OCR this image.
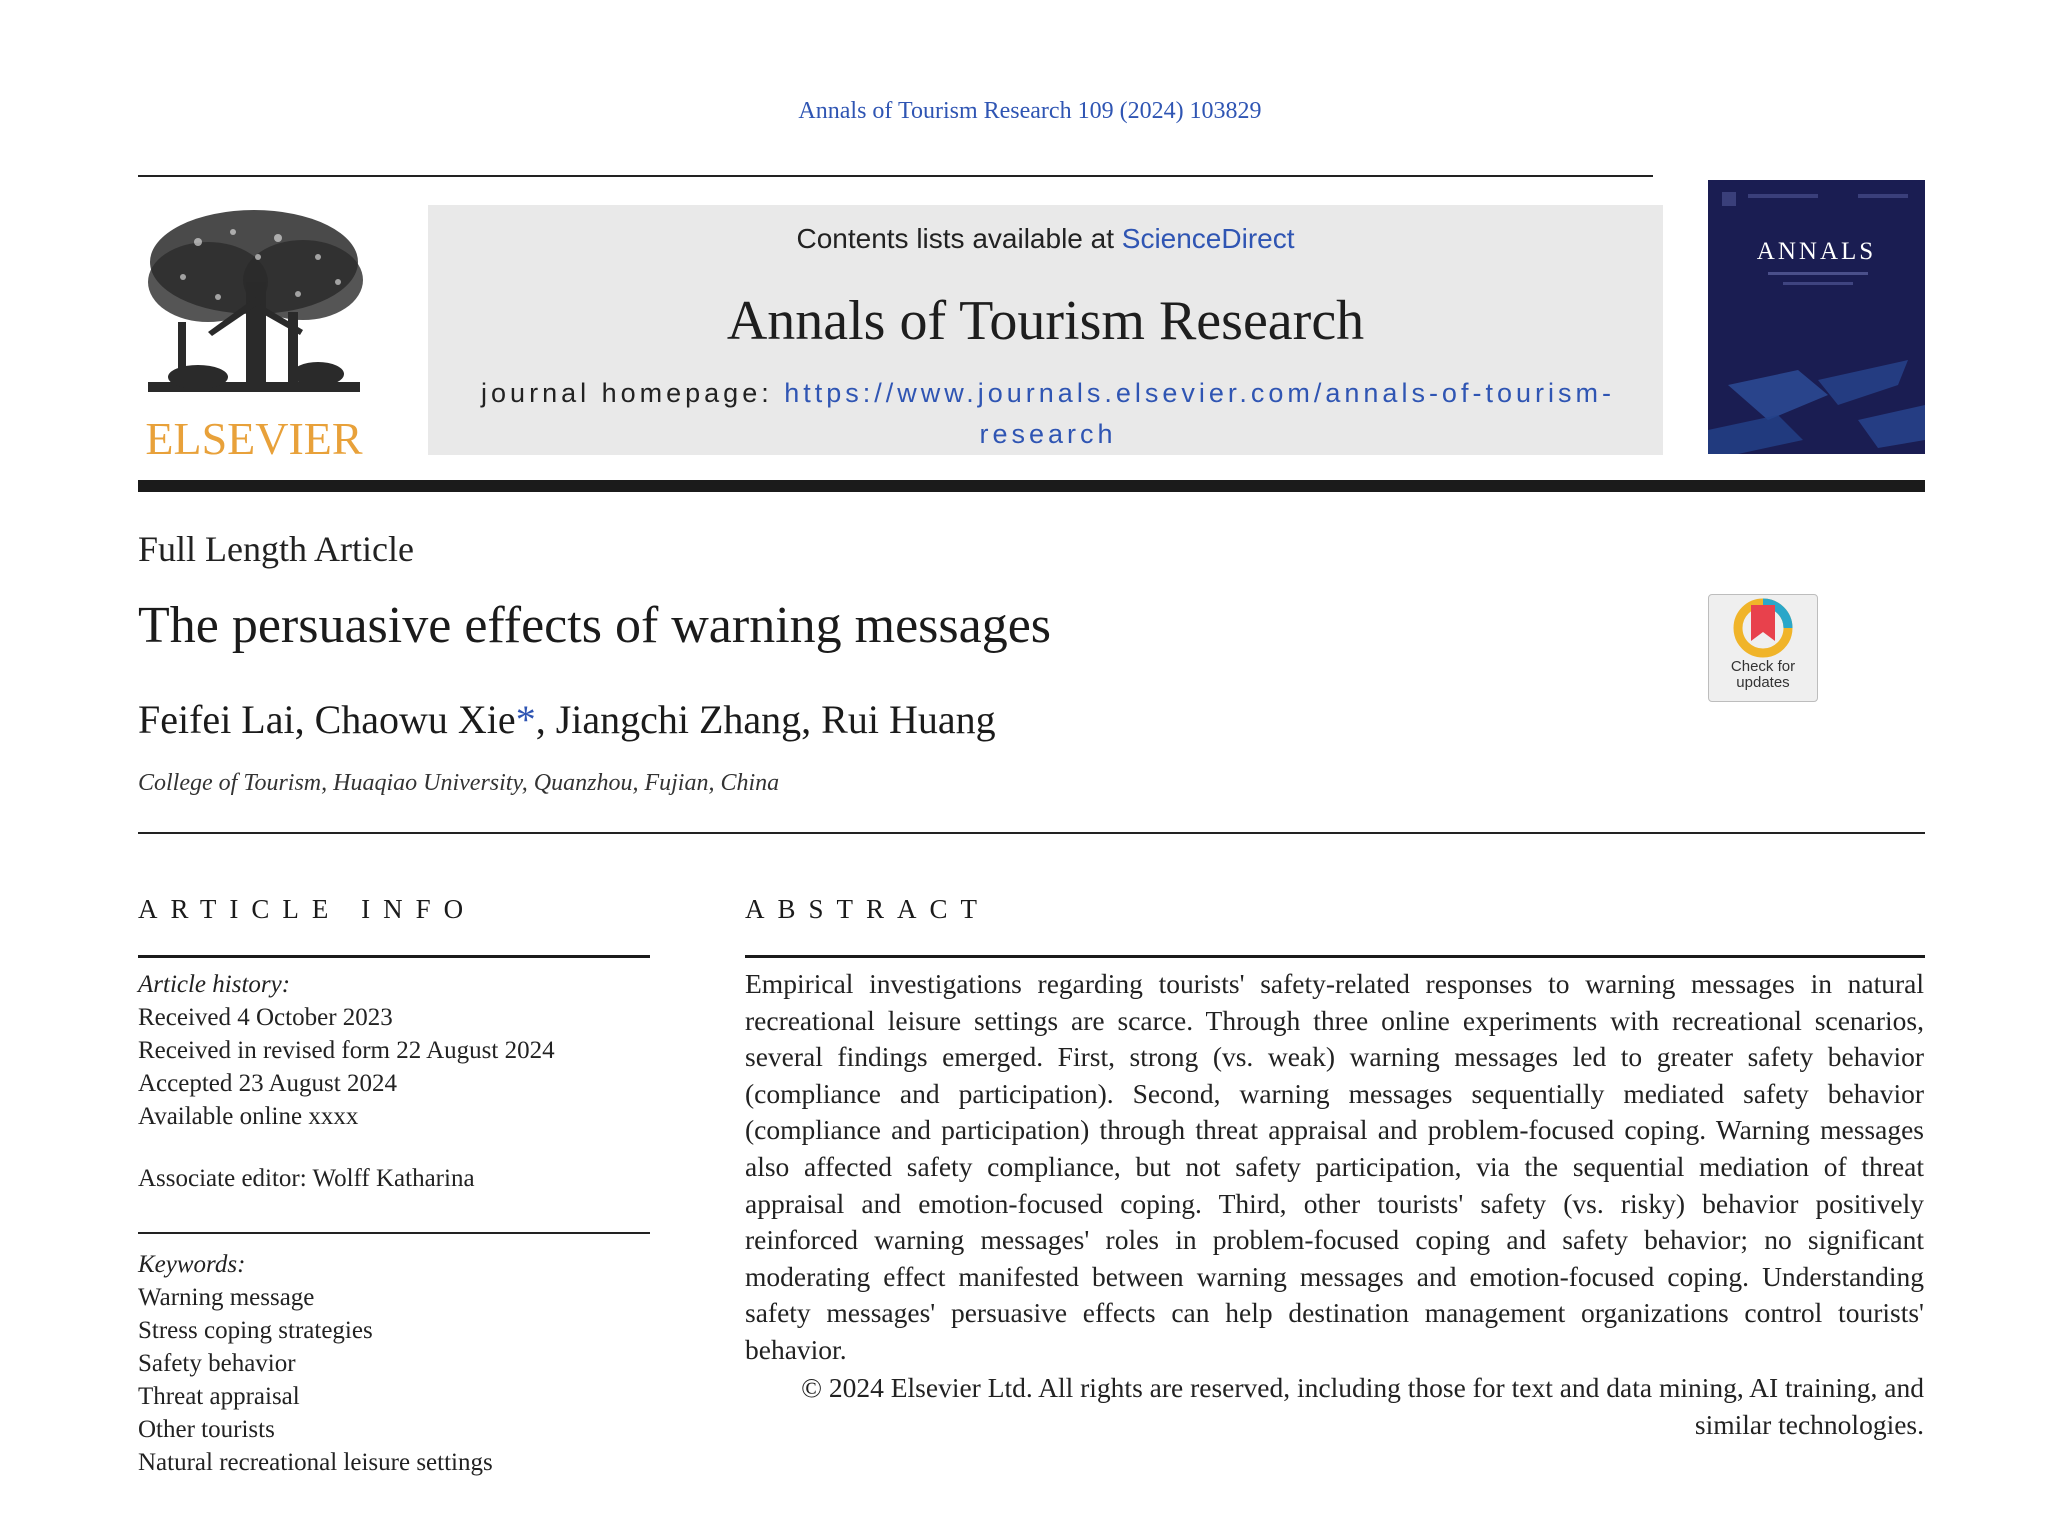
Annals of Tourism Research 109 (2024) 103829
ELSEVIER
Contents lists available at ScienceDirect
Annals of Tourism Research
journal homepage: https://www.journals.elsevier.com/annals-of-tourism-research
ANNALS
Full Length Article
The persuasive effects of warning messages
Feifei Lai, Chaowu Xie*, Jiangchi Zhang, Rui Huang
College of Tourism, Huaqiao University, Quanzhou, Fujian, China
Check for
updates
ARTICLE INFO	ABSTRACT
Article history:
Received 4 October 2023
Received in revised form 22 August 2024
Accepted 23 August 2024
Available online xxxx
Associate editor: Wolff Katharina
Keywords:
Warning message
Stress coping strategies
Safety behavior
Threat appraisal
Other tourists
Natural recreational leisure settings
Empirical investigations regarding tourists' safety-related responses to warning messages in natural recreational leisure settings are scarce. Through three online experiments with recreational scenarios, several findings emerged. First, strong (vs. weak) warning messages led to greater safety behavior (compliance and participation). Second, warning messages sequentially mediated safety behavior (compliance and participation) through threat appraisal and problem-focused coping. Warning messages also affected safety compliance, but not safety participation, via the sequential mediation of threat appraisal and emotion-focused coping. Third, other tourists' safety (vs. risky) behavior positively reinforced warning messages' roles in problem-focused coping and safety behavior; no significant moderating effect manifested between warning messages and emotion-focused coping. Understanding safety messages' persuasive effects can help destination management organizations control tourists' behavior.
© 2024 Elsevier Ltd. All rights are reserved, including those for text and data mining, AI training, and similar technologies.
